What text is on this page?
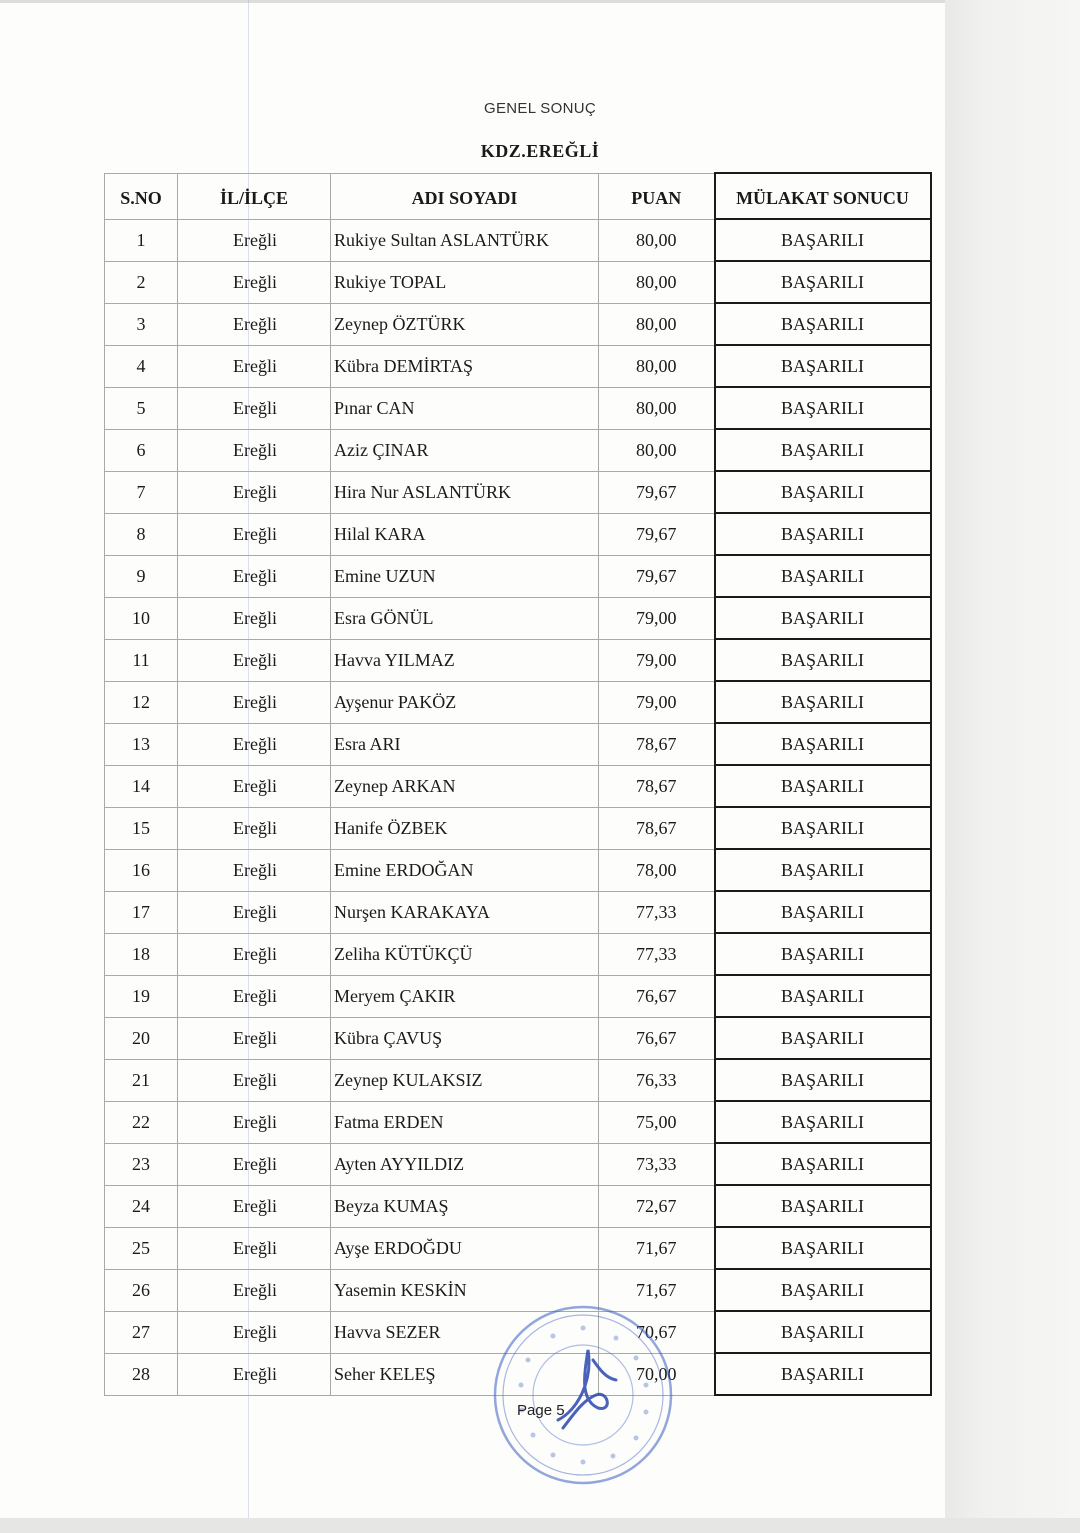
GENEL SONUÇ
KDZ.EREĞLİ
S.NO	İL/İLÇE	ADI SOYADI	PUAN	MÜLAKAT SONUCU
1	Ereğli	Rukiye Sultan ASLANTÜRK	80,00	BAŞARILI
2	Ereğli	Rukiye TOPAL	80,00	BAŞARILI
3	Ereğli	Zeynep ÖZTÜRK	80,00	BAŞARILI
4	Ereğli	Kübra DEMİRTAŞ	80,00	BAŞARILI
5	Ereğli	Pınar CAN	80,00	BAŞARILI
6	Ereğli	Aziz ÇINAR	80,00	BAŞARILI
7	Ereğli	Hira Nur ASLANTÜRK	79,67	BAŞARILI
8	Ereğli	Hilal KARA	79,67	BAŞARILI
9	Ereğli	Emine UZUN	79,67	BAŞARILI
10	Ereğli	Esra GÖNÜL	79,00	BAŞARILI
11	Ereğli	Havva YILMAZ	79,00	BAŞARILI
12	Ereğli	Ayşenur PAKÖZ	79,00	BAŞARILI
13	Ereğli	Esra ARI	78,67	BAŞARILI
14	Ereğli	Zeynep ARKAN	78,67	BAŞARILI
15	Ereğli	Hanife ÖZBEK	78,67	BAŞARILI
16	Ereğli	Emine ERDOĞAN	78,00	BAŞARILI
17	Ereğli	Nurşen KARAKAYA	77,33	BAŞARILI
18	Ereğli	Zeliha KÜTÜKÇÜ	77,33	BAŞARILI
19	Ereğli	Meryem ÇAKIR	76,67	BAŞARILI
20	Ereğli	Kübra ÇAVUŞ	76,67	BAŞARILI
21	Ereğli	Zeynep KULAKSIZ	76,33	BAŞARILI
22	Ereğli	Fatma ERDEN	75,00	BAŞARILI
23	Ereğli	Ayten AYYILDIZ	73,33	BAŞARILI
24	Ereğli	Beyza KUMAŞ	72,67	BAŞARILI
25	Ereğli	Ayşe ERDOĞDU	71,67	BAŞARILI
26	Ereğli	Yasemin KESKİN	71,67	BAŞARILI
27	Ereğli	Havva SEZER	70,67	BAŞARILI
28	Ereğli	Seher KELEŞ	70,00	BAŞARILI
Page 5
